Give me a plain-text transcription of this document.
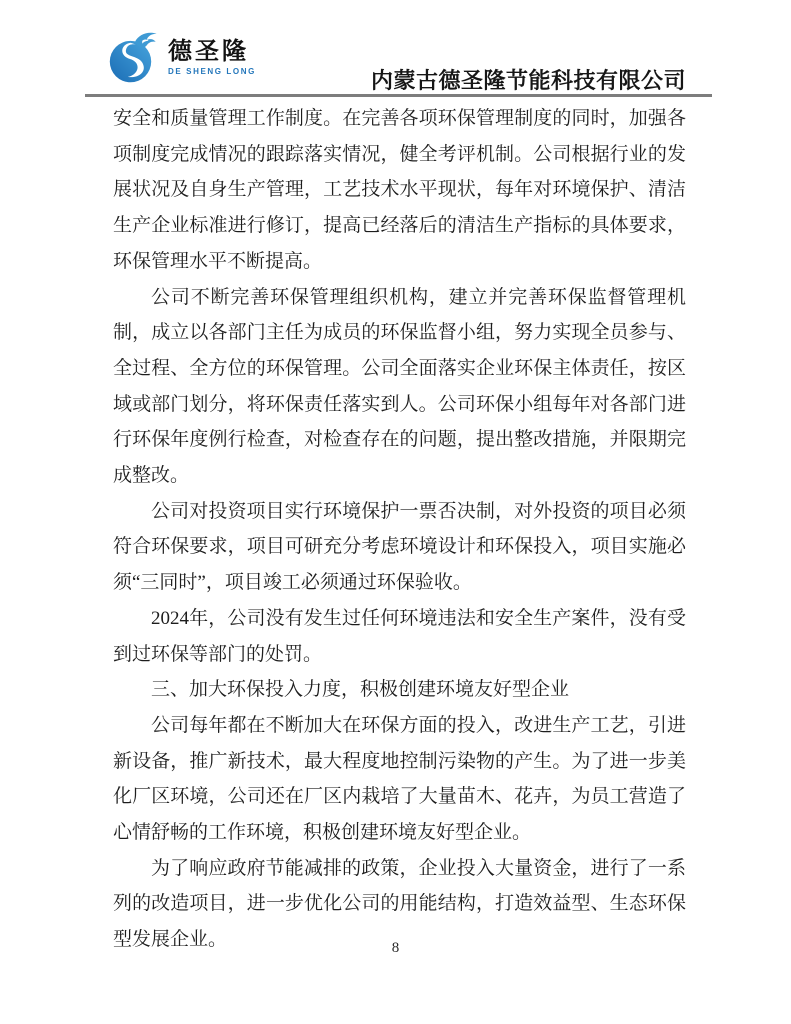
德圣隆
DE SHENG LONG	内蒙古德圣隆节能科技有限公司

安全和质量管理工作制度。在完善各项环保管理制度的同时，加强各项制度完成情况的跟踪落实情况，健全考评机制。公司根据行业的发展状况及自身生产管理，工艺技术水平现状，每年对环境保护、清洁生产企业标准进行修订，提高已经落后的清洁生产指标的具体要求，环保管理水平不断提高。

公司不断完善环保管理组织机构，建立并完善环保监督管理机制，成立以各部门主任为成员的环保监督小组，努力实现全员参与、全过程、全方位的环保管理。公司全面落实企业环保主体责任，按区域或部门划分，将环保责任落实到人。公司环保小组每年对各部门进行环保年度例行检查，对检查存在的问题，提出整改措施，并限期完成整改。

公司对投资项目实行环境保护一票否决制，对外投资的项目必须符合环保要求，项目可研充分考虑环境设计和环保投入，项目实施必须“三同时”，项目竣工必须通过环保验收。

2024年，公司没有发生过任何环境违法和安全生产案件，没有受到过环保等部门的处罚。

三、加大环保投入力度，积极创建环境友好型企业

公司每年都在不断加大在环保方面的投入，改进生产工艺，引进新设备，推广新技术，最大程度地控制污染物的产生。为了进一步美化厂区环境，公司还在厂区内栽培了大量苗木、花卉，为员工营造了心情舒畅的工作环境，积极创建环境友好型企业。

为了响应政府节能减排的政策，企业投入大量资金，进行了一系列的改造项目，进一步优化公司的用能结构，打造效益型、生态环保型发展企业。	8
